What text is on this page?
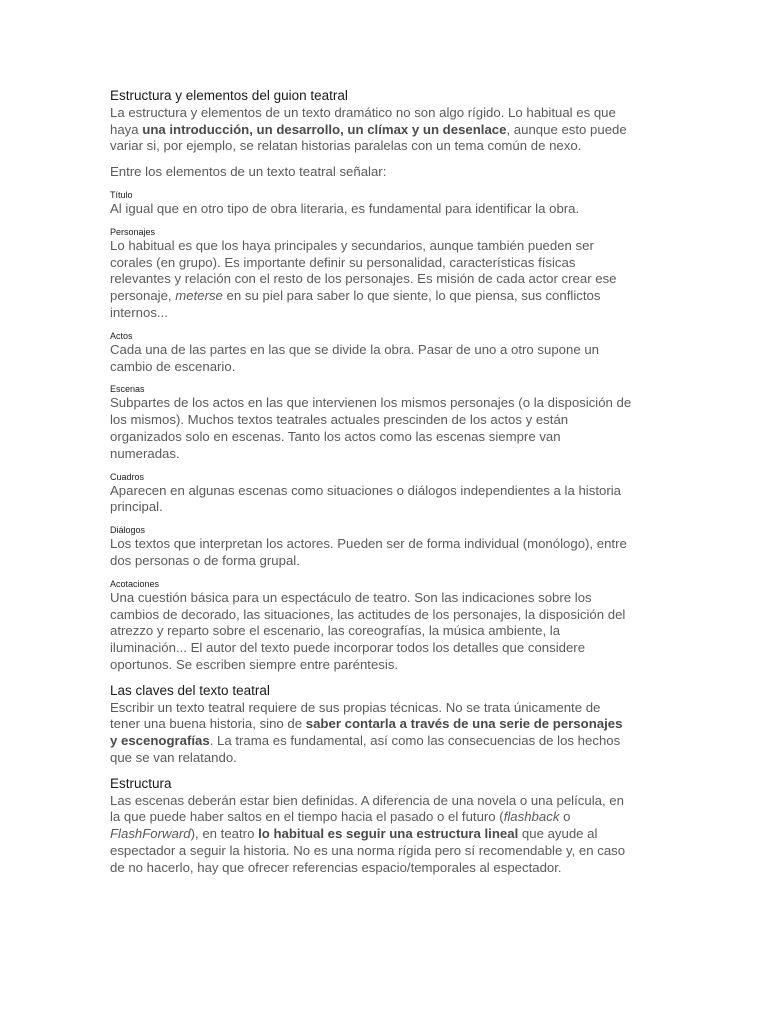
Estructura y elementos del guion teatral

La estructura y elementos de un texto dramático no son algo rígido. Lo habitual es que haya una introducción, un desarrollo, un clímax y un desenlace, aunque esto puede variar si, por ejemplo, se relatan historias paralelas con un tema común de nexo.

Entre los elementos de un texto teatral señalar:

Título

Al igual que en otro tipo de obra literaria, es fundamental para identificar la obra.

Personajes

Lo habitual es que los haya principales y secundarios, aunque también pueden ser corales (en grupo). Es importante definir su personalidad, características físicas relevantes y relación con el resto de los personajes. Es misión de cada actor crear ese personaje, meterse en su piel para saber lo que siente, lo que piensa, sus conflictos internos...

Actos

Cada una de las partes en las que se divide la obra. Pasar de uno a otro supone un cambio de escenario.

Escenas

Subpartes de los actos en las que intervienen los mismos personajes (o la disposición de los mismos). Muchos textos teatrales actuales prescinden de los actos y están organizados solo en escenas. Tanto los actos como las escenas siempre van numeradas.

Cuadros

Aparecen en algunas escenas como situaciones o diálogos independientes a la historia principal.

Diálogos

Los textos que interpretan los actores. Pueden ser de forma individual (monólogo), entre dos personas o de forma grupal.

Acotaciones

Una cuestión básica para un espectáculo de teatro. Son las indicaciones sobre los cambios de decorado, las situaciones, las actitudes de los personajes, la disposición del atrezzo y reparto sobre el escenario, las coreografías, la música ambiente, la iluminación... El autor del texto puede incorporar todos los detalles que considere oportunos. Se escriben siempre entre paréntesis.

Las claves del texto teatral

Escribir un texto teatral requiere de sus propias técnicas. No se trata únicamente de tener una buena historia, sino de saber contarla a través de una serie de personajes y escenografías. La trama es fundamental, así como las consecuencias de los hechos que se van relatando.

Estructura

Las escenas deberán estar bien definidas. A diferencia de una novela o una película, en la que puede haber saltos en el tiempo hacia el pasado o el futuro (flashback o FlashForward), en teatro lo habitual es seguir una estructura lineal que ayude al espectador a seguir la historia. No es una norma rígida pero sí recomendable y, en caso de no hacerlo, hay que ofrecer referencias espacio/temporales al espectador.
